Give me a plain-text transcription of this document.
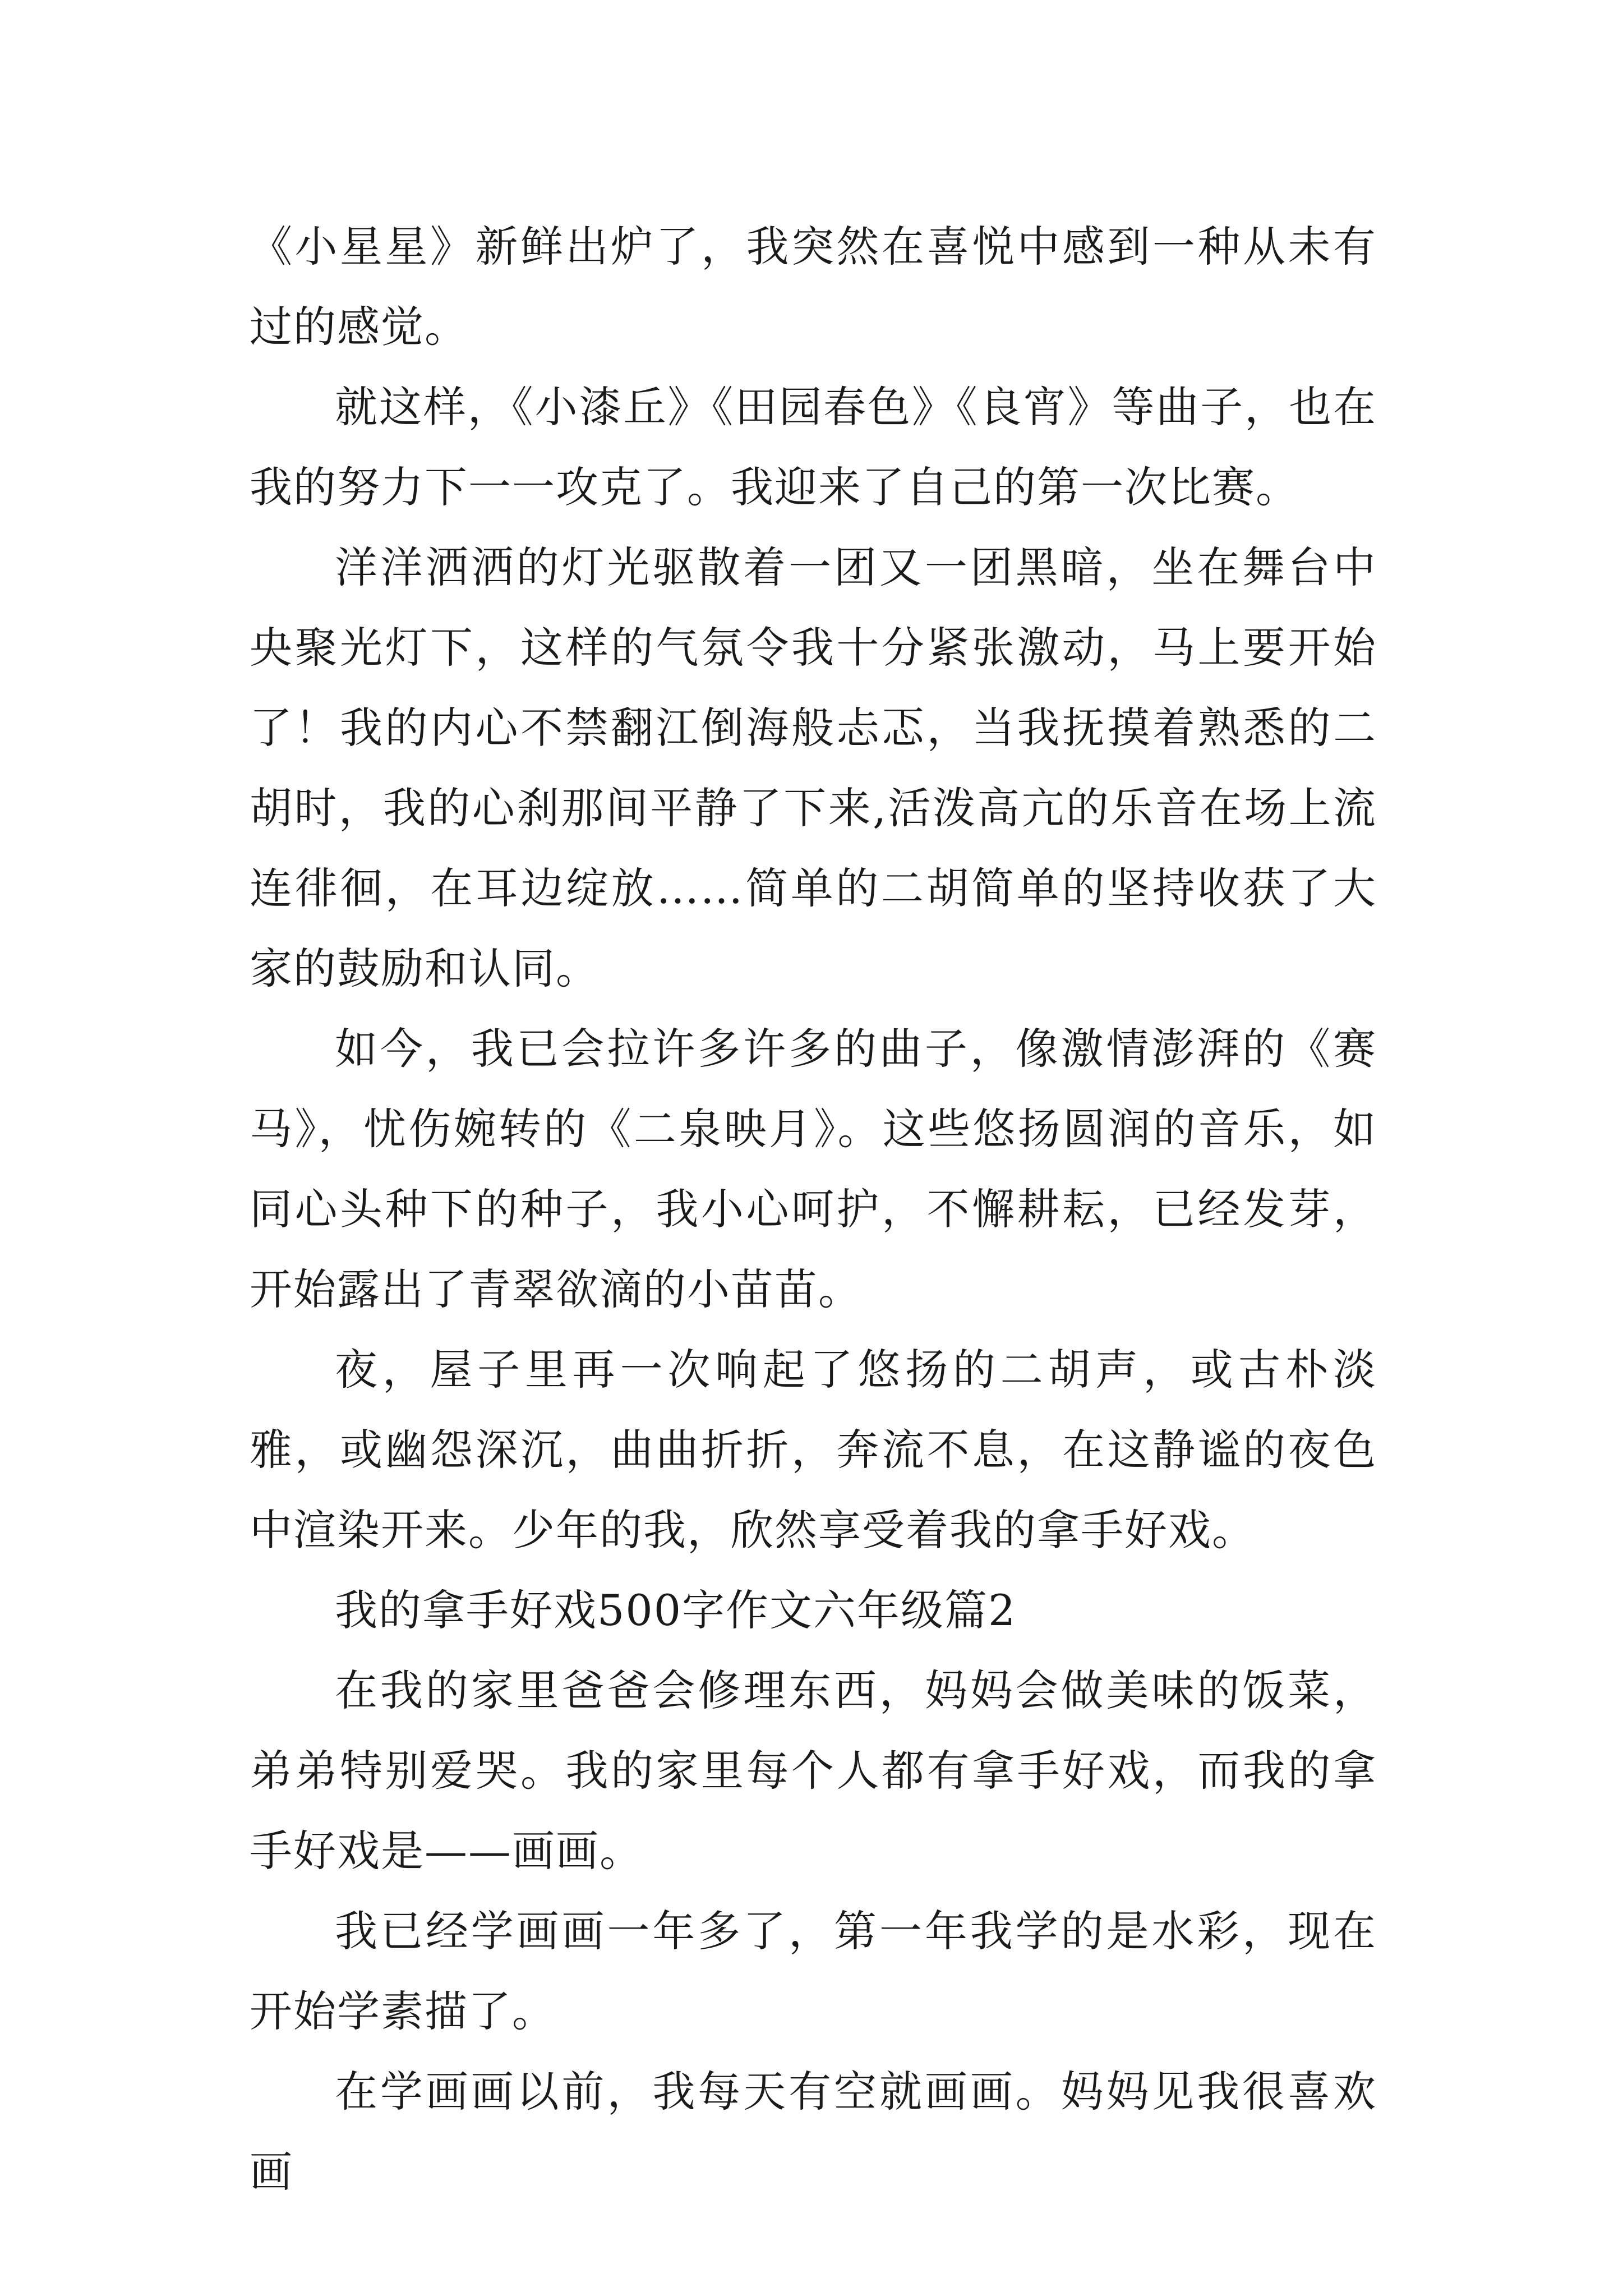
《小星星》新鲜出炉了，我突然在喜悦中感到一种从未有过的感觉。

就这样，《小漆丘》《田园春色》《良宵》等曲子，也在我的努力下一一攻克了。我迎来了自己的第一次比赛。

洋洋洒洒的灯光驱散着一团又一团黑暗，坐在舞台中央聚光灯下，这样的气氛令我十分紧张激动，马上要开始了！我的内心不禁翻江倒海般忐忑，当我抚摸着熟悉的二胡时，我的心刹那间平静了下来,活泼高亢的乐音在场上流连徘徊，在耳边绽放……简单的二胡简单的坚持收获了大家的鼓励和认同。

如今，我已会拉许多许多的曲子，像激情澎湃的《赛马》，忧伤婉转的《二泉映月》。这些悠扬圆润的音乐，如同心头种下的种子，我小心呵护，不懈耕耘，已经发芽，开始露出了青翠欲滴的小苗苗。

夜，屋子里再一次响起了悠扬的二胡声，或古朴淡雅，或幽怨深沉，曲曲折折，奔流不息，在这静谧的夜色中渲染开来。少年的我，欣然享受着我的拿手好戏。

我的拿手好戏500字作文六年级篇2

在我的家里爸爸会修理东西，妈妈会做美味的饭菜，弟弟特别爱哭。我的家里每个人都有拿手好戏，而我的拿手好戏是——画画。

我已经学画画一年多了，第一年我学的是水彩，现在开始学素描了。

在学画画以前，我每天有空就画画。妈妈见我很喜欢画
